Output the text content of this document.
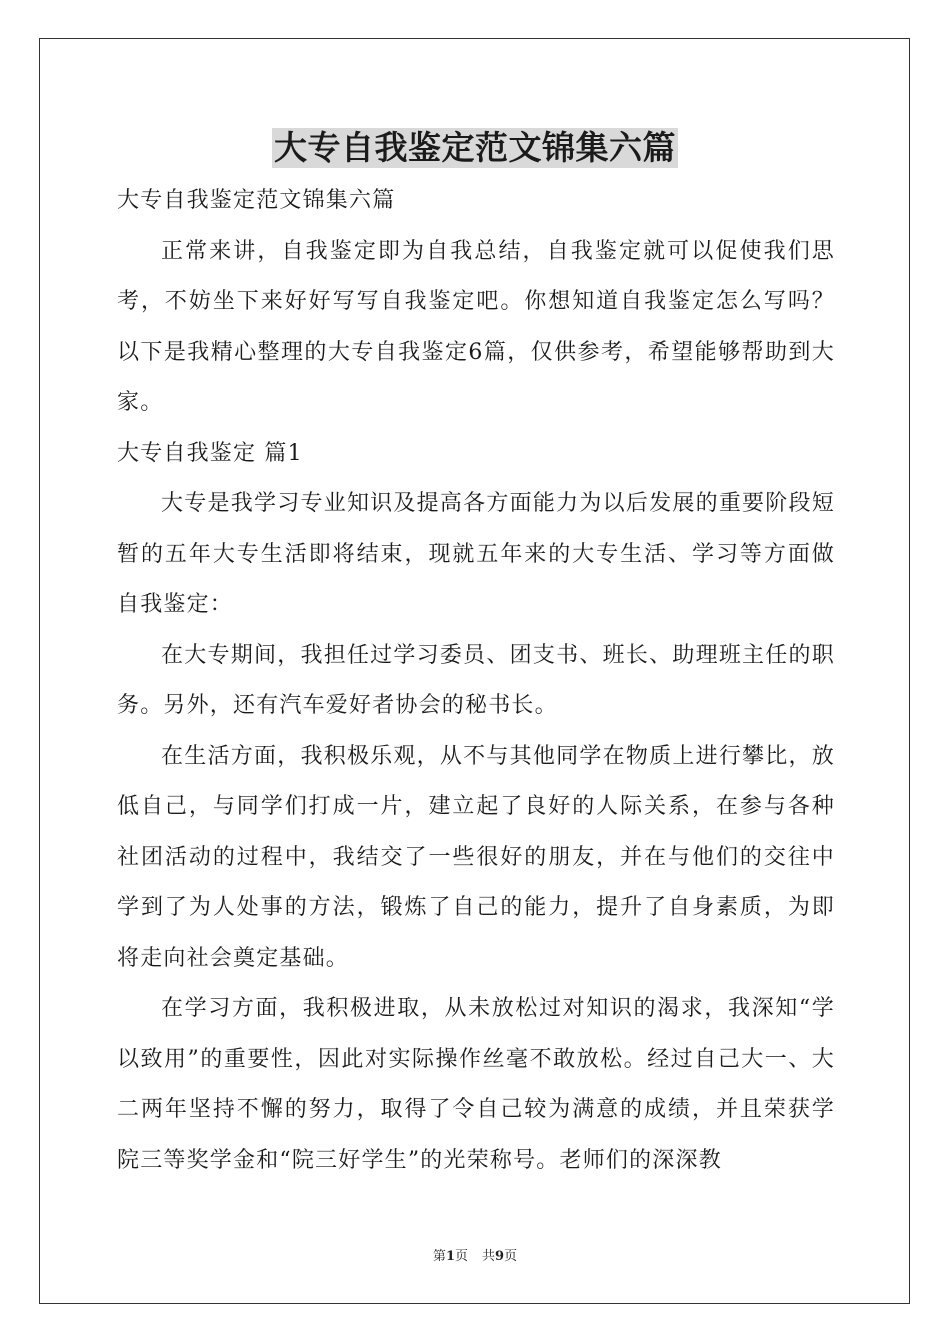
大专自我鉴定范文锦集六篇

大专自我鉴定范文锦集六篇

正常来讲，自我鉴定即为自我总结，自我鉴定就可以促使我们思考，不妨坐下来好好写写自我鉴定吧。你想知道自我鉴定怎么写吗？以下是我精心整理的大专自我鉴定6篇，仅供参考，希望能够帮助到大家。

大专自我鉴定 篇1

大专是我学习专业知识及提高各方面能力为以后发展的重要阶段短暂的五年大专生活即将结束，现就五年来的大专生活、学习等方面做自我鉴定：

在大专期间，我担任过学习委员、团支书、班长、助理班主任的职务。另外，还有汽车爱好者协会的秘书长。

在生活方面，我积极乐观，从不与其他同学在物质上进行攀比，放低自己，与同学们打成一片，建立起了良好的人际关系，在参与各种社团活动的过程中，我结交了一些很好的朋友，并在与他们的交往中学到了为人处事的方法，锻炼了自己的能力，提升了自身素质，为即将走向社会奠定基础。

在学习方面，我积极进取，从未放松过对知识的渴求，我深知“学以致用”的重要性，因此对实际操作丝毫不敢放松。经过自己大一、大二两年坚持不懈的努力，取得了令自己较为满意的成绩，并且荣获学院三等奖学金和“院三好学生”的光荣称号。老师们的深深教

第1页 共9页
